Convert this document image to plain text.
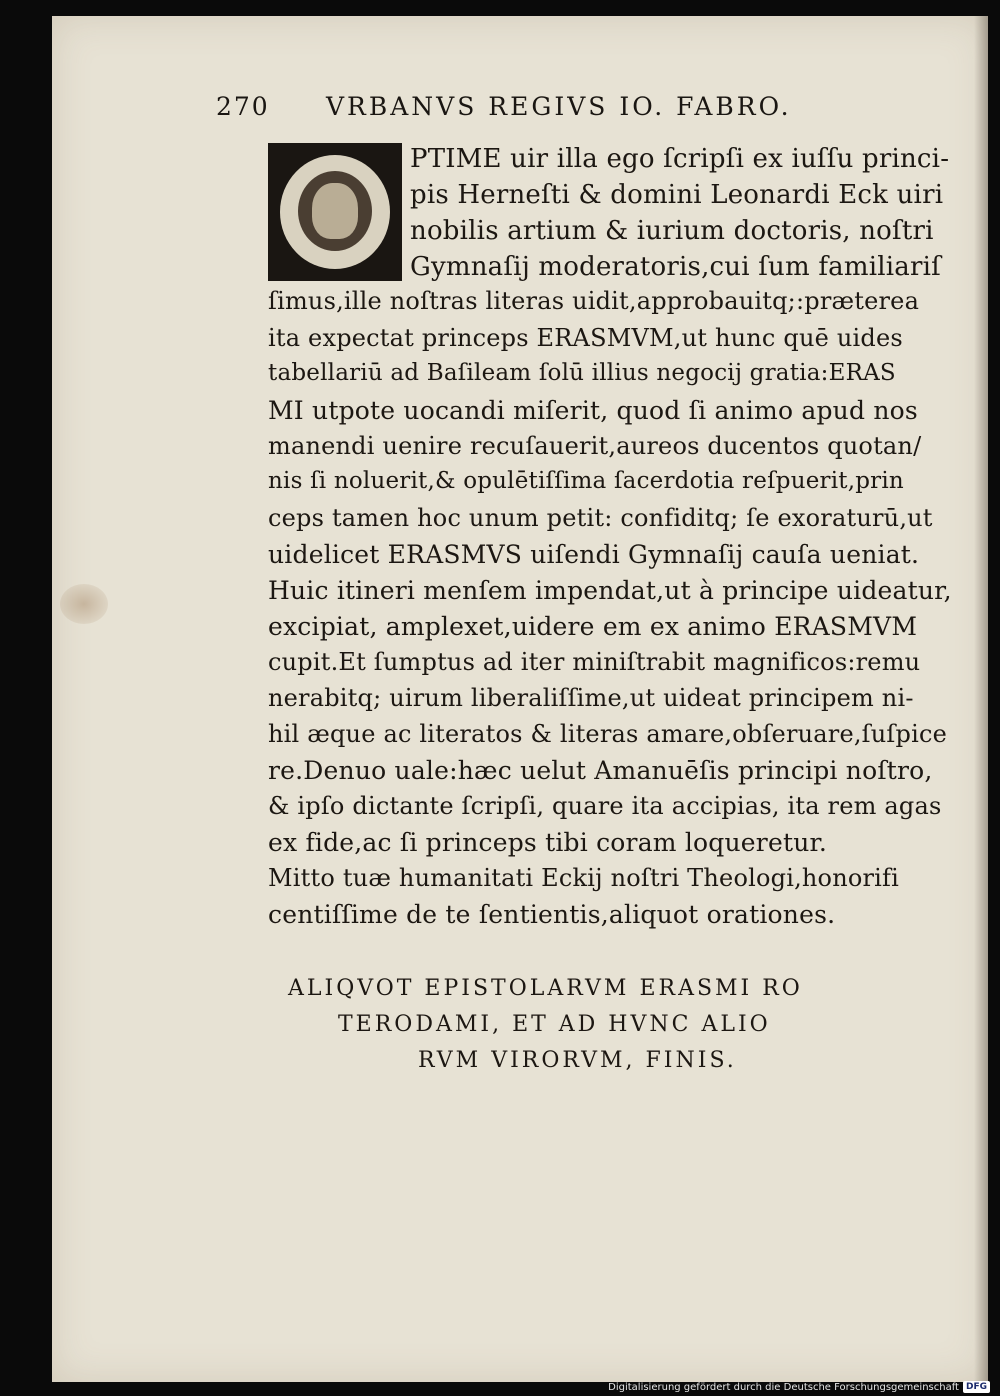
270 VRBANVS REGIVS IO. FABRO.
PTIME uir illa ego ſcripſi ex iuſſu princi-
pis Herneſti & domini Leonardi Eck uiri
nobilis artium & iurium doctoris, noſtri
Gymnaſij moderatoris,cui ſum familiariſ
ſimus,ille noſtras literas uidit,approbauitq;:prӕterea
ita expectat princeps ERASMVM,ut hunc quē uides
tabellariū ad Baſileam ſolū illius negocij gratia:ERAS
MI utpote uocandi miſerit, quod ſi animo apud nos
manendi uenire recuſauerit,aureos ducentos quotan/
nis ſi noluerit,& opulētiſſima ſacerdotia reſpuerit,prin
ceps tamen hoc unum petit: confiditq; ſe exoraturū,ut
uidelicet ERASMVS uiſendi Gymnaſij cauſa ueniat.
Huic itineri menſem impendat,ut à principe uideatur,
excipiat, amplexet,uidere em ex animo ERASMVM
cupit.Et ſumptus ad iter miniſtrabit magnificos:remu
nerabitq; uirum liberaliſſime,ut uideat principem ni-
hil ӕque ac literatos & literas amare,obſeruare,ſuſpice
re.Denuo uale:hӕc uelut Amanuēſis principi noſtro,
& ipſo dictante ſcripſi, quare ita accipias, ita rem agas
ex fide,ac ſi princeps tibi coram loqueretur.
Mitto tuӕ humanitati Eckij noſtri Theologi,honorifi
centiſſime de te ſentientis,aliquot orationes.
ALIQVOT EPISTOLARVM ERASMI RO
TERODAMI, ET AD HVNC ALIO
RVM VIRORVM, FINIS.
Digitalisierung gefördert durch die Deutsche Forschungsgemeinschaft DFG
